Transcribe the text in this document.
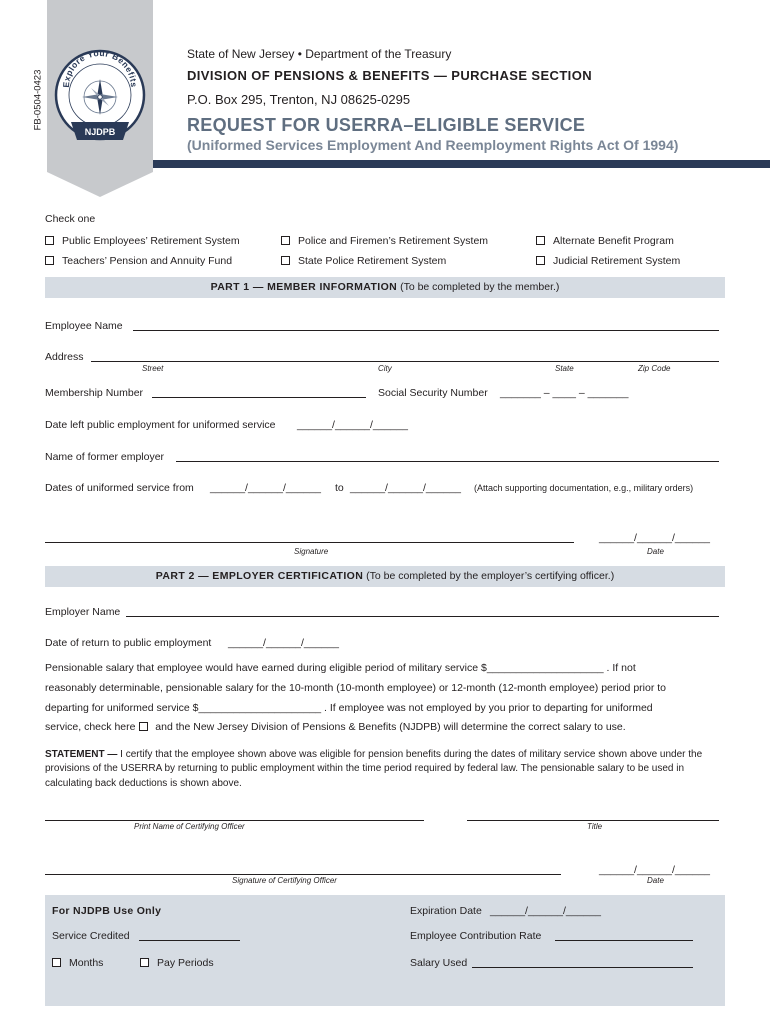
FB-0504-0423 Explore Your Benefits
NJDPB
State of New Jersey • Department of the Treasury
DIVISION OF PENSIONS & BENEFITS — PURCHASE SECTION
P.O. Box 295, Trenton, NJ 08625-0295
REQUEST FOR USERRA–ELIGIBLE SERVICE
(Uniformed Services Employment And Reemployment Rights Act Of 1994)
Check one
Public Employees’ Retirement System	Police and Firemen’s Retirement System	Alternate Benefit Program
Teachers’ Pension and Annuity Fund	State Police Retirement System	Judicial Retirement System
PART 1 — MEMBER INFORMATION (To be completed by the member.)
Employee Name
Address
Street	City	State	Zip Code
Membership Number	Social Security Number _______ – ____ – _______
Date left public employment for uniformed service ______/______/______
Name of former employer
Dates of uniformed service from ______/______/______ to ______/______/______ (Attach supporting documentation, e.g., military orders)
______/______/______
Signature	Date
PART 2 — EMPLOYER CERTIFICATION (To be completed by the employer’s certifying officer.)
Employer Name
Date of return to public employment ______/______/______
Pensionable salary that employee would have earned during eligible period of military service $____________________ . If not
reasonably determinable, pensionable salary for the 10-month (10-month employee) or 12-month (12-month employee) period prior to
departing for uniformed service $_____________________ . If employee was not employed by you prior to departing for uniformed
service, check here  and the New Jersey Division of Pensions & Benefits (NJDPB) will determine the correct salary to use.
STATEMENT — I certify that the employee shown above was eligible for pension benefits during the dates of military service shown above under the provisions of the USERRA by returning to public employment within the time period required by federal law. The pensionable salary to be used in calculating back deductions is shown above.
Print Name of Certifying Officer	Title
______/______/______
Signature of Certifying Officer	Date
For NJDPB Use Only
Service Credited
Months	Pay Periods
Expiration Date ______/______/______
Employee Contribution Rate
Salary Used
